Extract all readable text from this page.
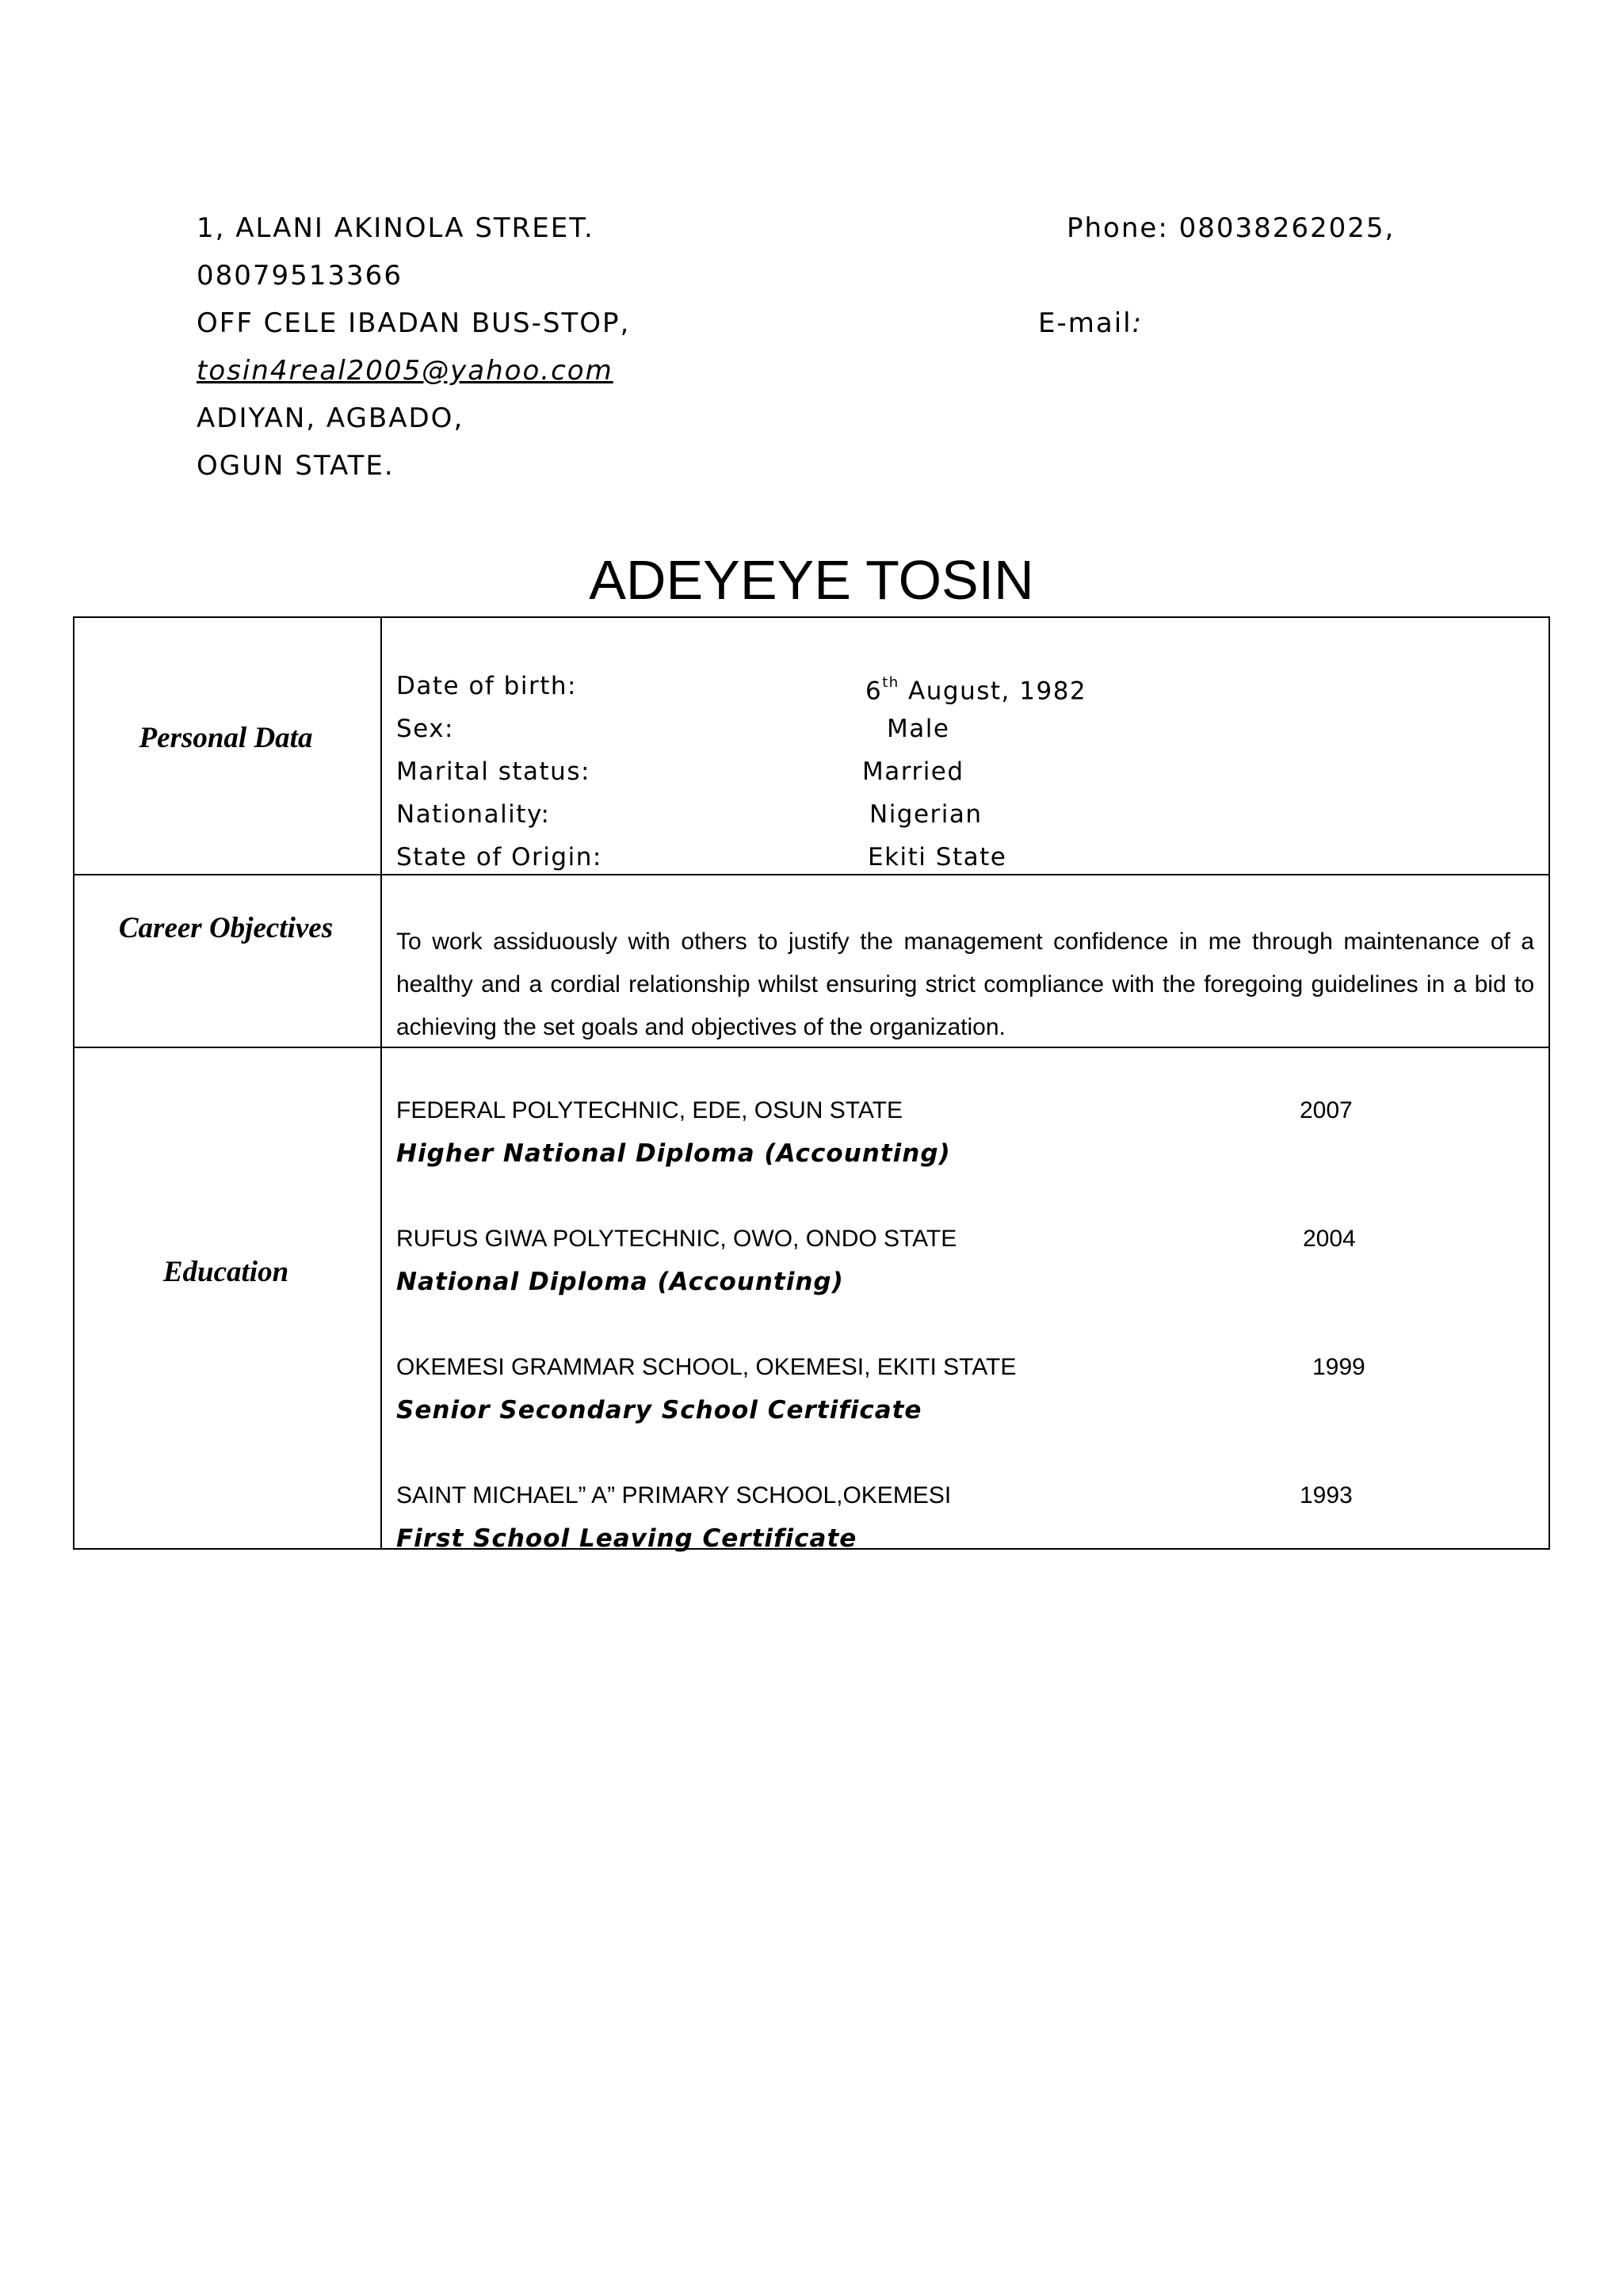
1, ALANI AKINOLA STREET.	Phone: 08038262025,
08079513366
OFF CELE IBADAN BUS-STOP,	E-mail:
tosin4real2005@yahoo.com
ADIYAN, AGBADO,
OGUN STATE.
ADEYEYE TOSIN
Personal Data
Date of birth:	6th August, 1982
Sex:	Male
Marital status:	Married
Nationality:	Nigerian
State of Origin:	Ekiti State
Career Objectives	To work assiduously with others to justify the management confidence in me through maintenance of a healthy and a cordial relationship whilst ensuring strict compliance with the foregoing guidelines in a bid to achieving the set goals and objectives of the organization.
Education
FEDERAL POLYTECHNIC, EDE, OSUN STATE	2007
Higher National Diploma (Accounting)
RUFUS GIWA POLYTECHNIC, OWO, ONDO STATE	2004
National Diploma (Accounting)
OKEMESI GRAMMAR SCHOOL, OKEMESI, EKITI STATE	1999
Senior Secondary School Certificate
SAINT MICHAEL” A” PRIMARY SCHOOL,OKEMESI	1993
First School Leaving Certificate
